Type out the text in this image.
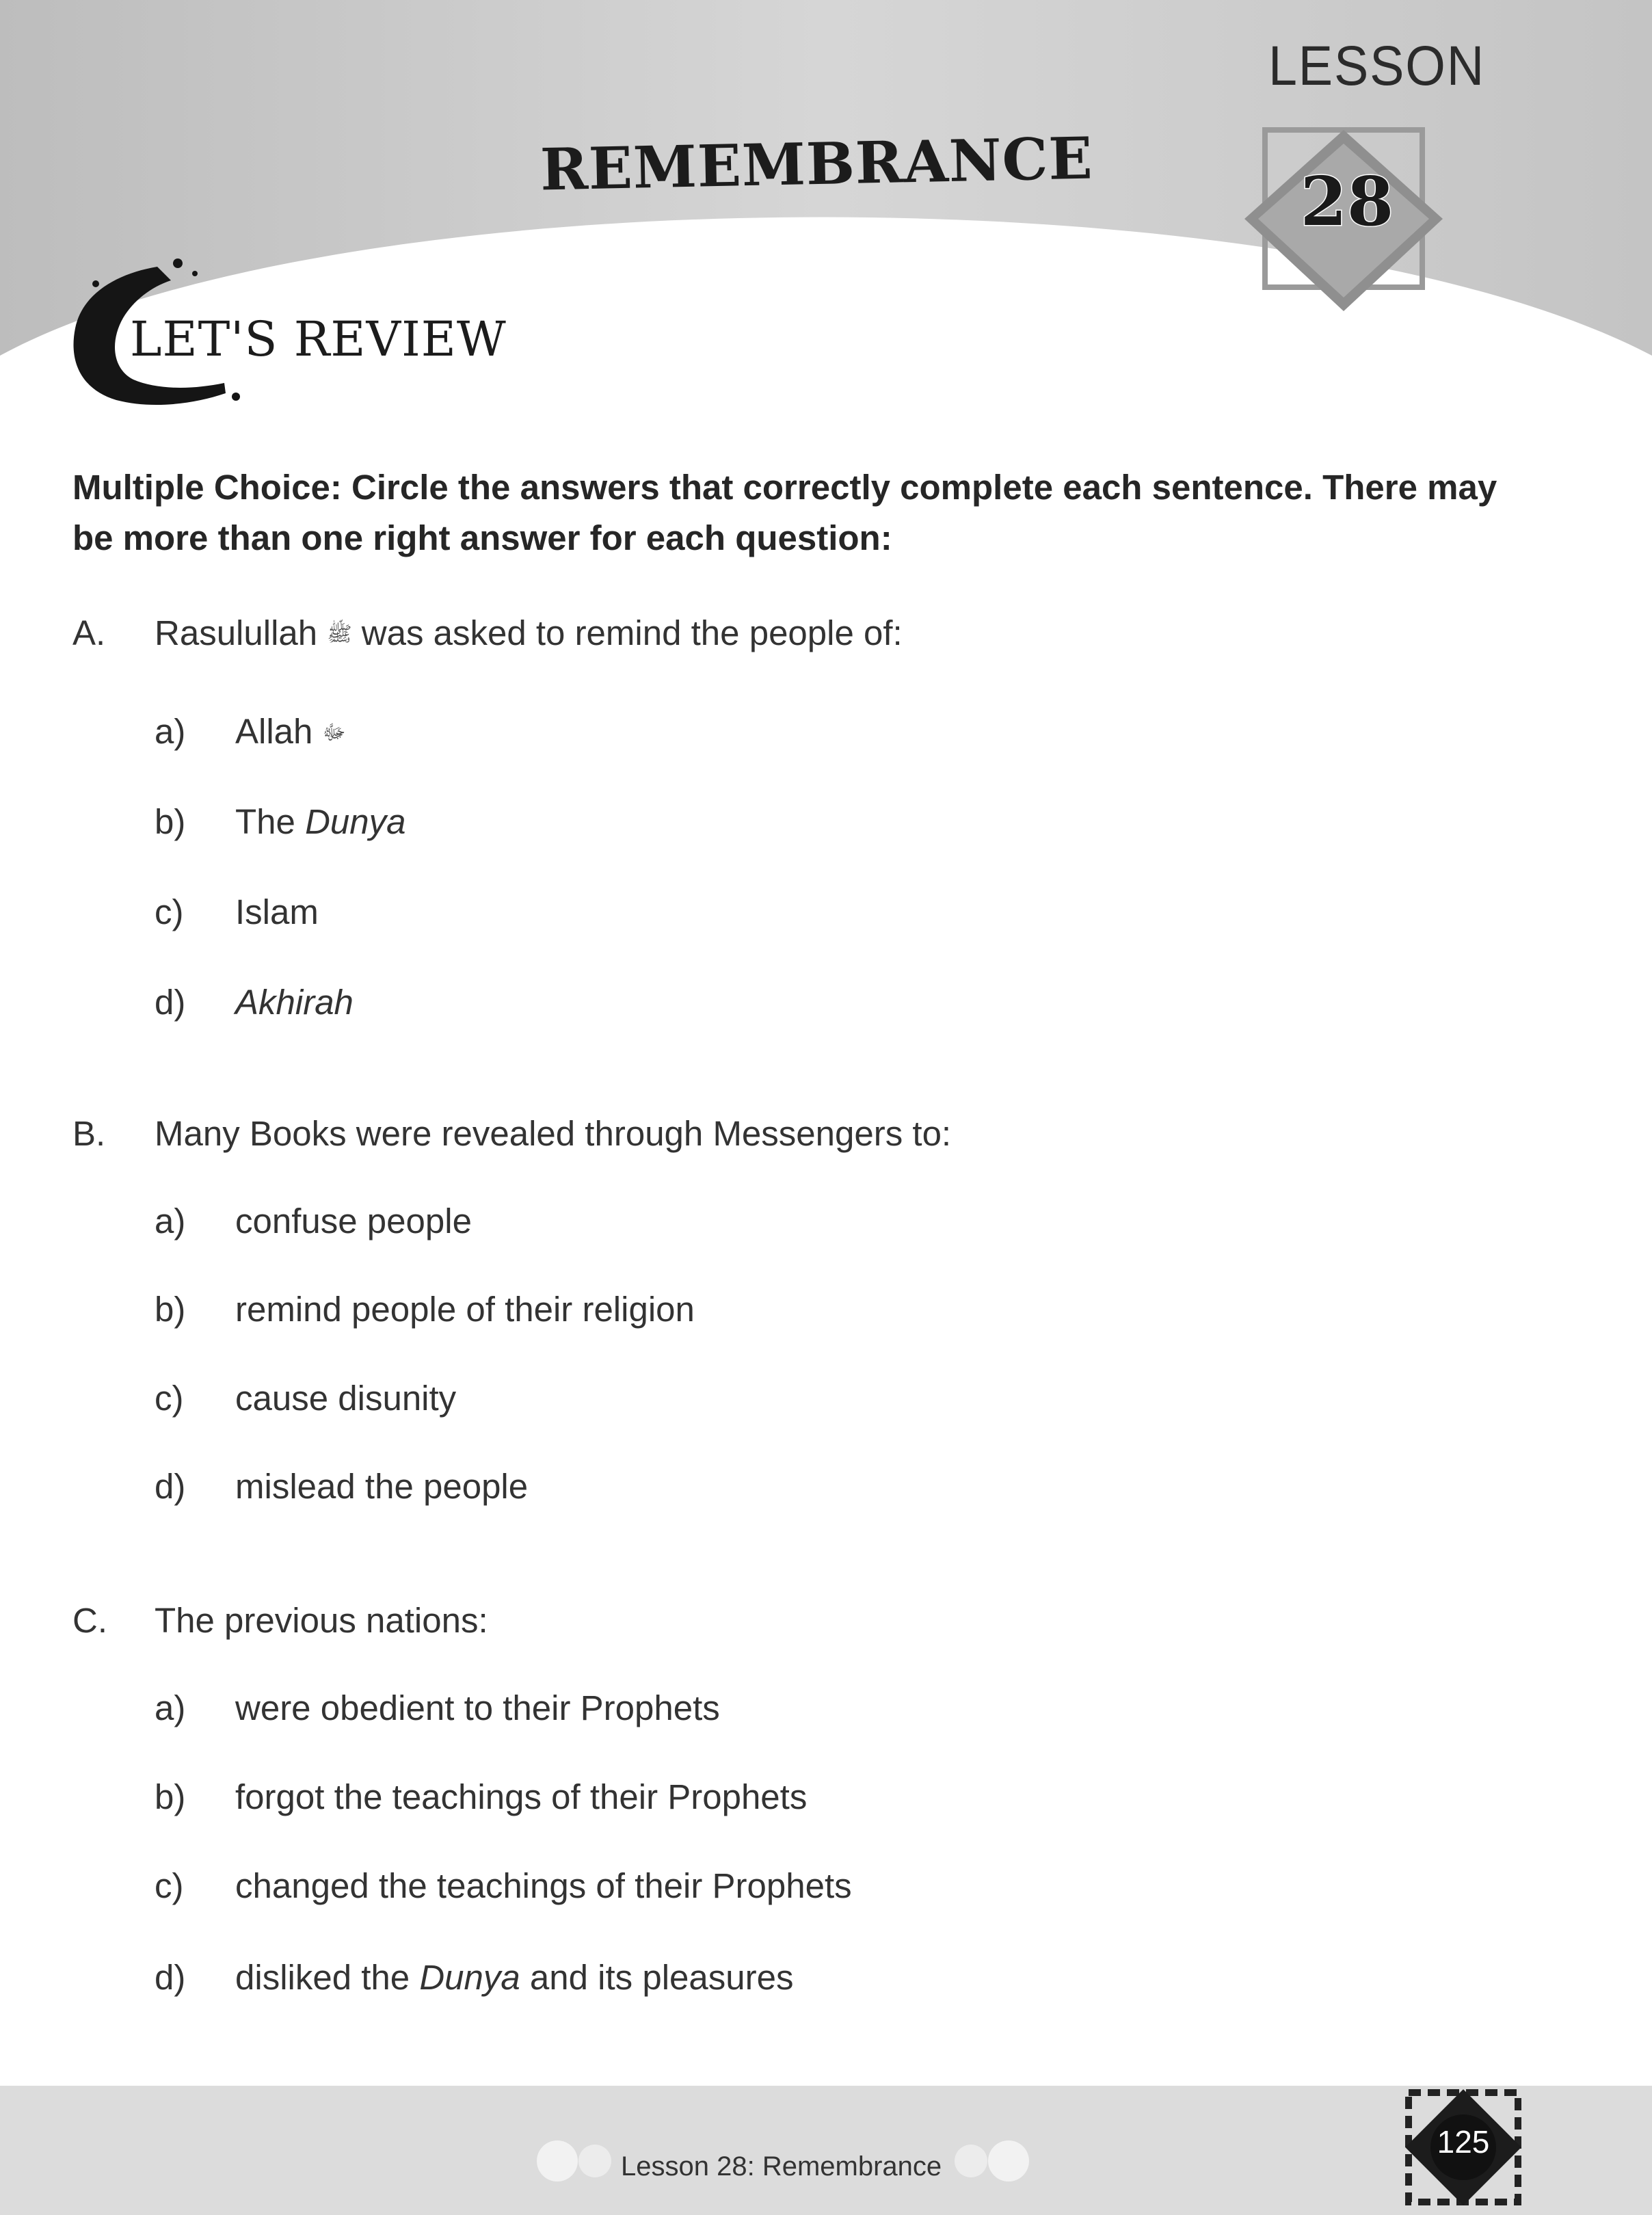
LESSON
28
REMEMBRANCE
LET'S REVIEW
Multiple Choice: Circle the answers that correctly complete each sentence. There may be more than one right answer for each question:
A. Rasulullah ﷺ was asked to remind the people of:
a) Allah ﷻ
b) The Dunya
c) Islam
d) Akhirah
B. Many Books were revealed through Messengers to:
a) confuse people
b) remind people of their religion
c) cause disunity
d) mislead the people
C. The previous nations:
a) were obedient to their Prophets
b) forgot the teachings of their Prophets
c) changed the teachings of their Prophets
d) disliked the Dunya and its pleasures
Lesson 28: Remembrance
125
